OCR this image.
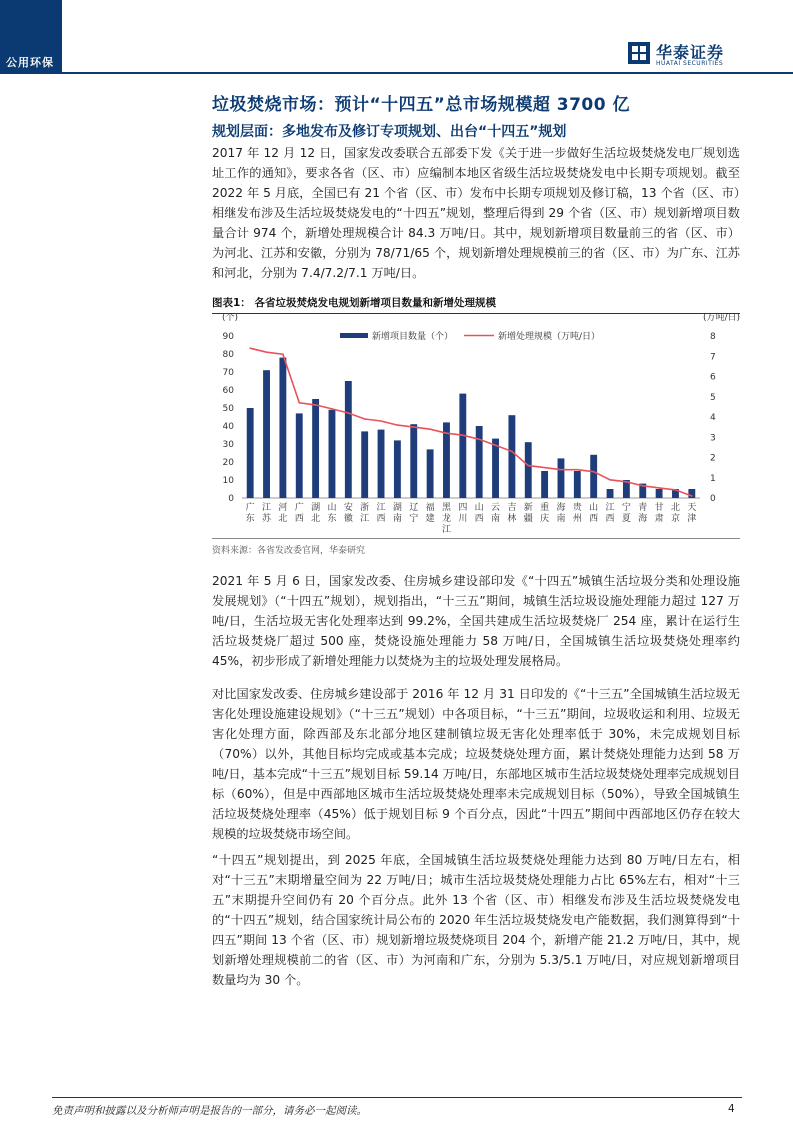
公用环保
华泰证券
HUATAI SECURITIES
垃圾焚烧市场：预计“十四五”总市场规模超 3700 亿
规划层面：多地发布及修订专项规划、出台“十四五”规划

2017 年 12 月 12 日，国家发改委联合五部委下发《关于进一步做好生活垃圾焚烧发电厂规划选址工作的通知》，要求各省（区、市）应编制本地区省级生活垃圾焚烧发电中长期专项规划。截至 2022 年 5 月底，全国已有 21 个省（区、市）发布中长期专项规划及修订稿，13 个省（区、市）相继发布涉及生活垃圾焚烧发电的“十四五”规划，整理后得到 29 个省（区、市）规划新增项目数量合计 974 个，新增处理规模合计 84.3 万吨/日。其中，规划新增项目数量前三的省（区、市）为河北、江苏和安徽，分别为 78/71/65 个，规划新增处理规模前三的省（区、市）为广东、江苏和河北，分别为 7.4/7.2/7.1 万吨/日。

图表1： 各省垃圾焚烧发电规划新增项目数量和新增处理规模
(个)
0
10
20
30
40
50
60
70
80
90
(万吨/日)
0
1
2
3
4
5
6
7
8
广东
江苏
河北
广西
湖北
山东
安徽
浙江
江西
湖南
辽宁
福建
黑龙江
四川
山西
云南
吉林
新疆
重庆
海南
贵州
山西
江西
宁夏
青海
甘肃
北京
天津
新增项目数量（个）	新增处理规模（万吨/日）
资料来源：各省发改委官网，华泰研究

2021 年 5 月 6 日，国家发改委、住房城乡建设部印发《“十四五”城镇生活垃圾分类和处理设施发展规划》（“十四五”规划），规划指出，“十三五”期间，城镇生活垃圾设施处理能力超过 127 万吨/日，生活垃圾无害化处理率达到 99.2%，全国共建成生活垃圾焚烧厂 254 座，累计在运行生活垃圾焚烧厂超过 500 座，焚烧设施处理能力 58 万吨/日，全国城镇生活垃圾焚烧处理率约 45%，初步形成了新增处理能力以焚烧为主的垃圾处理发展格局。

对比国家发改委、住房城乡建设部于 2016 年 12 月 31 日印发的《“十三五”全国城镇生活垃圾无害化处理设施建设规划》（“十三五”规划）中各项目标，“十三五”期间，垃圾收运和利用、垃圾无害化处理方面，除西部及东北部分地区建制镇垃圾无害化处理率低于 30%，未完成规划目标（70%）以外，其他目标均完成或基本完成；垃圾焚烧处理方面，累计焚烧处理能力达到 58 万吨/日，基本完成“十三五”规划目标 59.14 万吨/日，东部地区城市生活垃圾焚烧处理率完成规划目标（60%），但是中西部地区城市生活垃圾焚烧处理率未完成规划目标（50%），导致全国城镇生活垃圾焚烧处理率（45%）低于规划目标 9 个百分点，因此“十四五”期间中西部地区仍存在较大规模的垃圾焚烧市场空间。

“十四五”规划提出，到 2025 年底，全国城镇生活垃圾焚烧处理能力达到 80 万吨/日左右，相对“十三五”末期增量空间为 22 万吨/日；城市生活垃圾焚烧处理能力占比 65%左右，相对“十三五”末期提升空间仍有 20 个百分点。此外 13 个省（区、市）相继发布涉及生活垃圾焚烧发电的“十四五”规划，结合国家统计局公布的 2020 年生活垃圾焚烧发电产能数据，我们测算得到“十四五”期间 13 个省（区、市）规划新增垃圾焚烧项目 204 个，新增产能 21.2 万吨/日，其中，规划新增处理规模前二的省（区、市）为河南和广东，分别为 5.3/5.1 万吨/日，对应规划新增项目数量均为 30 个。

免责声明和披露以及分析师声明是报告的一部分，请务必一起阅读。	4
